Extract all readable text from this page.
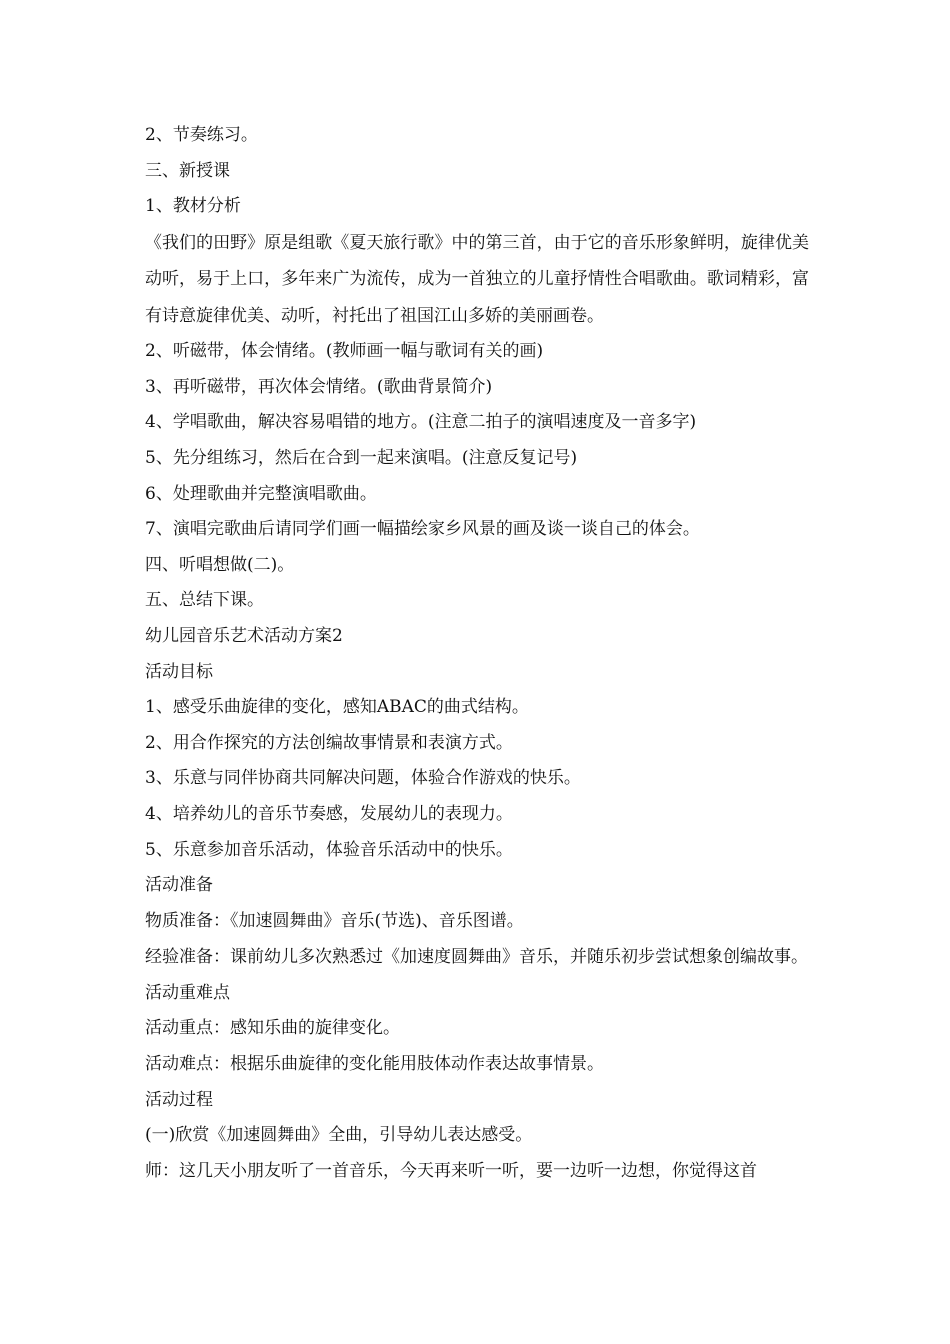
2、节奏练习。

三、新授课

1、教材分析

《我们的田野》原是组歌《夏天旅行歌》中的第三首，由于它的音乐形象鲜明，旋律优美动听，易于上口，多年来广为流传，成为一首独立的儿童抒情性合唱歌曲。歌词精彩，富有诗意旋律优美、动听，衬托出了祖国江山多娇的美丽画卷。

2、听磁带，体会情绪。(教师画一幅与歌词有关的画)

3、再听磁带，再次体会情绪。(歌曲背景简介)

4、学唱歌曲，解决容易唱错的地方。(注意二拍子的演唱速度及一音多字)

5、先分组练习，然后在合到一起来演唱。(注意反复记号)

6、处理歌曲并完整演唱歌曲。

7、演唱完歌曲后请同学们画一幅描绘家乡风景的画及谈一谈自己的体会。

四、听唱想做(二)。

五、总结下课。

幼儿园音乐艺术活动方案2

活动目标

1、感受乐曲旋律的变化，感知ABAC的曲式结构。

2、用合作探究的方法创编故事情景和表演方式。

3、乐意与同伴协商共同解决问题，体验合作游戏的快乐。

4、培养幼儿的音乐节奏感，发展幼儿的表现力。

5、乐意参加音乐活动，体验音乐活动中的快乐。

活动准备

物质准备：《加速圆舞曲》音乐(节选)、音乐图谱。

经验准备：课前幼儿多次熟悉过《加速度圆舞曲》音乐，并随乐初步尝试想象创编故事。

活动重难点

活动重点：感知乐曲的旋律变化。

活动难点：根据乐曲旋律的变化能用肢体动作表达故事情景。

活动过程

(一)欣赏《加速圆舞曲》全曲，引导幼儿表达感受。

师：这几天小朋友听了一首音乐，今天再来听一听，要一边听一边想，你觉得这首
